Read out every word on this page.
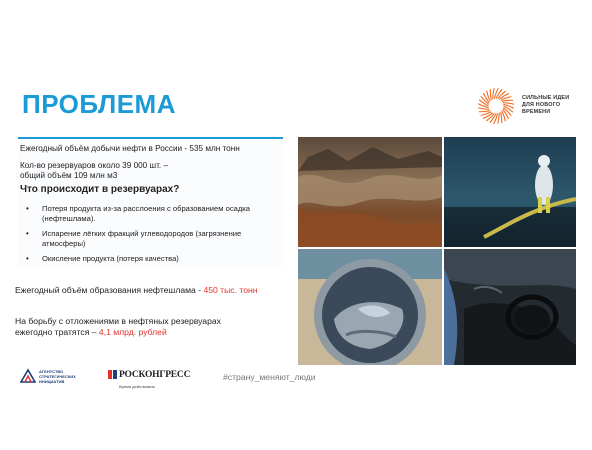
ПРОБЛЕМА	СИЛЬНЫЕ ИДЕИ
ДЛЯ НОВОГО
ВРЕМЕНИ
Ежегодный объём добычи нефти в России - 535 млн тонн
Кол-во резервуаров около 39 000 шт. –
общий объём 109 млн м3
Что происходит в резервуарах?
• Потеря продукта из-за расслоения с образованием осадка
(нефтешлама).
• Испарение лёгких фракций углеводородов (загрязнение
атмосферы)
• Окисление продукта (потеря качества)
Ежегодный объём образования нефтешлама - 450 тыс. тонн
На борьбу с отложениями в нефтяных резервуарах
ежегодно тратятся – 4,1 млрд. рублей
АГЕНТСТВО
СТРАТЕГИЧЕСКИХ
ИНИЦИАТИВ
РОСКОНГРЕСС
Время действовать
#страну_меняют_люди
